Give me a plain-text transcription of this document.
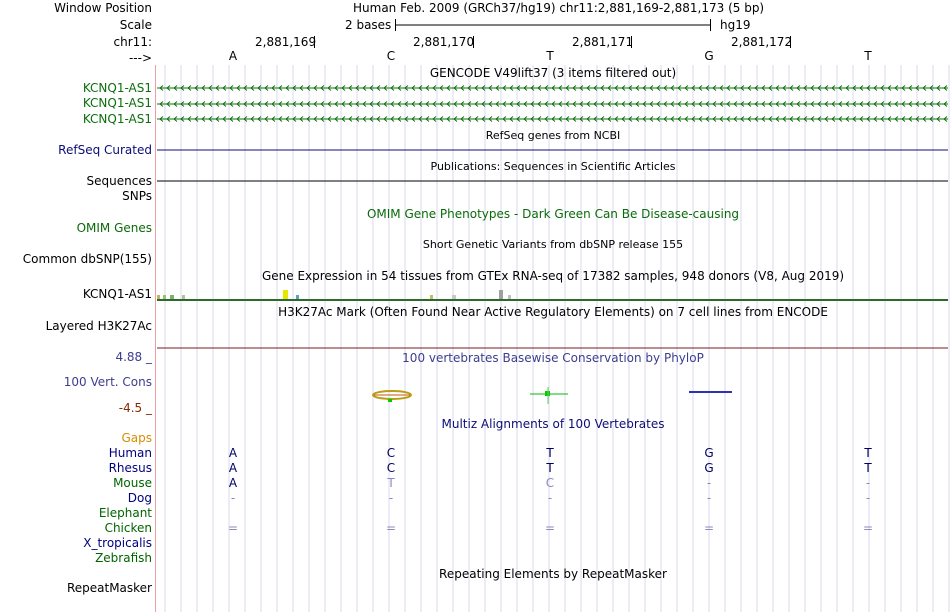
Window Position	Human Feb. 2009 (GRCh37/hg19) chr11:2,881,169-2,881,173 (5 bp)
Scale	2 bases	hg19
chr11:
--->
2,881,169	2,881,170	2,881,171	2,881,172
A	C	T	G	T
GENCODE V49lift37 (3 items filtered out)
KCNQ1-AS1
KCNQ1-AS1
KCNQ1-AS1
RefSeq genes from NCBI
RefSeq Curated
Publications: Sequences in Scientific Articles
Sequences
SNPs
OMIM Gene Phenotypes - Dark Green Can Be Disease-causing
OMIM Genes
Short Genetic Variants from dbSNP release 155
Common dbSNP(155)
Gene Expression in 54 tissues from GTEx RNA-seq of 17382 samples, 948 donors (V8, Aug 2019)
KCNQ1-AS1
H3K27Ac Mark (Often Found Near Active Regulatory Elements) on 7 cell lines from ENCODE
Layered H3K27Ac
100 vertebrates Basewise Conservation by PhyloP
4.88 _
100 Vert. Cons
-4.5 _
Multiz Alignments of 100 Vertebrates
Gaps
Human	A	C	T	G	T
Rhesus	A	C	T	G	T
Mouse	A	T	C	-	-
Dog	-	-	-	-	-
Elephant
Chicken	=	=	=	=	=
X_tropicalis
Zebrafish
Repeating Elements by RepeatMasker
RepeatMasker
